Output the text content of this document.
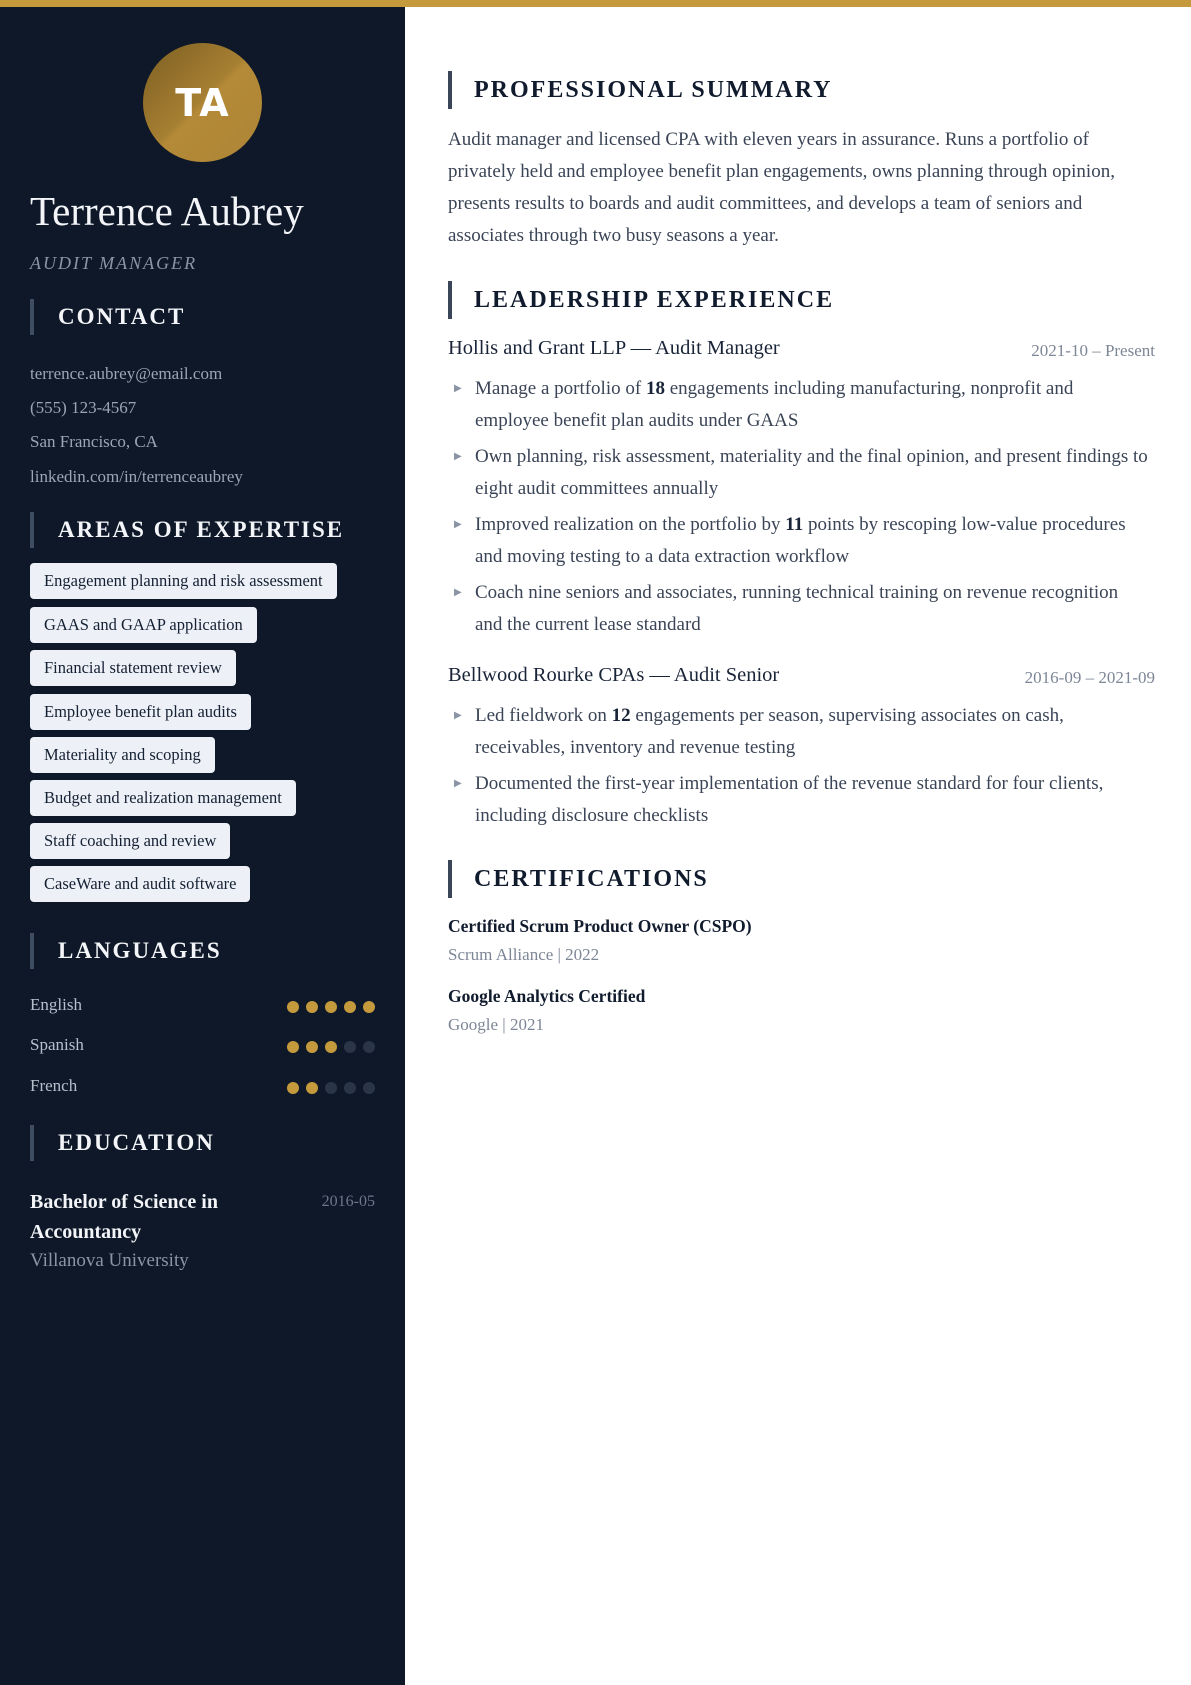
TA
Terrence Aubrey
AUDIT MANAGER
CONTACT
terrence.aubrey@email.com
(555) 123-4567
San Francisco, CA
linkedin.com/in/terrenceaubrey
AREAS OF EXPERTISE
Engagement planning and risk assessment
GAAS and GAAP application
Financial statement review
Employee benefit plan audits
Materiality and scoping
Budget and realization management
Staff coaching and review
CaseWare and audit software
LANGUAGES
English
Spanish
French
EDUCATION
Bachelor of Science in Accountancy
2016-05
Villanova University
PROFESSIONAL SUMMARY
Audit manager and licensed CPA with eleven years in assurance. Runs a portfolio of privately held and employee benefit plan engagements, owns planning through opinion, presents results to boards and audit committees, and develops a team of seniors and associates through two busy seasons a year.
LEADERSHIP EXPERIENCE
Hollis and Grant LLP — Audit Manager	2021-10 – Present
▶ Manage a portfolio of 18 engagements including manufacturing, nonprofit and employee benefit plan audits under GAAS
▶ Own planning, risk assessment, materiality and the final opinion, and present findings to eight audit committees annually
▶ Improved realization on the portfolio by 11 points by rescoping low-value procedures and moving testing to a data extraction workflow
▶ Coach nine seniors and associates, running technical training on revenue recognition and the current lease standard
Bellwood Rourke CPAs — Audit Senior	2016-09 – 2021-09
▶ Led fieldwork on 12 engagements per season, supervising associates on cash, receivables, inventory and revenue testing
▶ Documented the first-year implementation of the revenue standard for four clients, including disclosure checklists
CERTIFICATIONS
Certified Scrum Product Owner (CSPO)
Scrum Alliance | 2022
Google Analytics Certified
Google | 2021
